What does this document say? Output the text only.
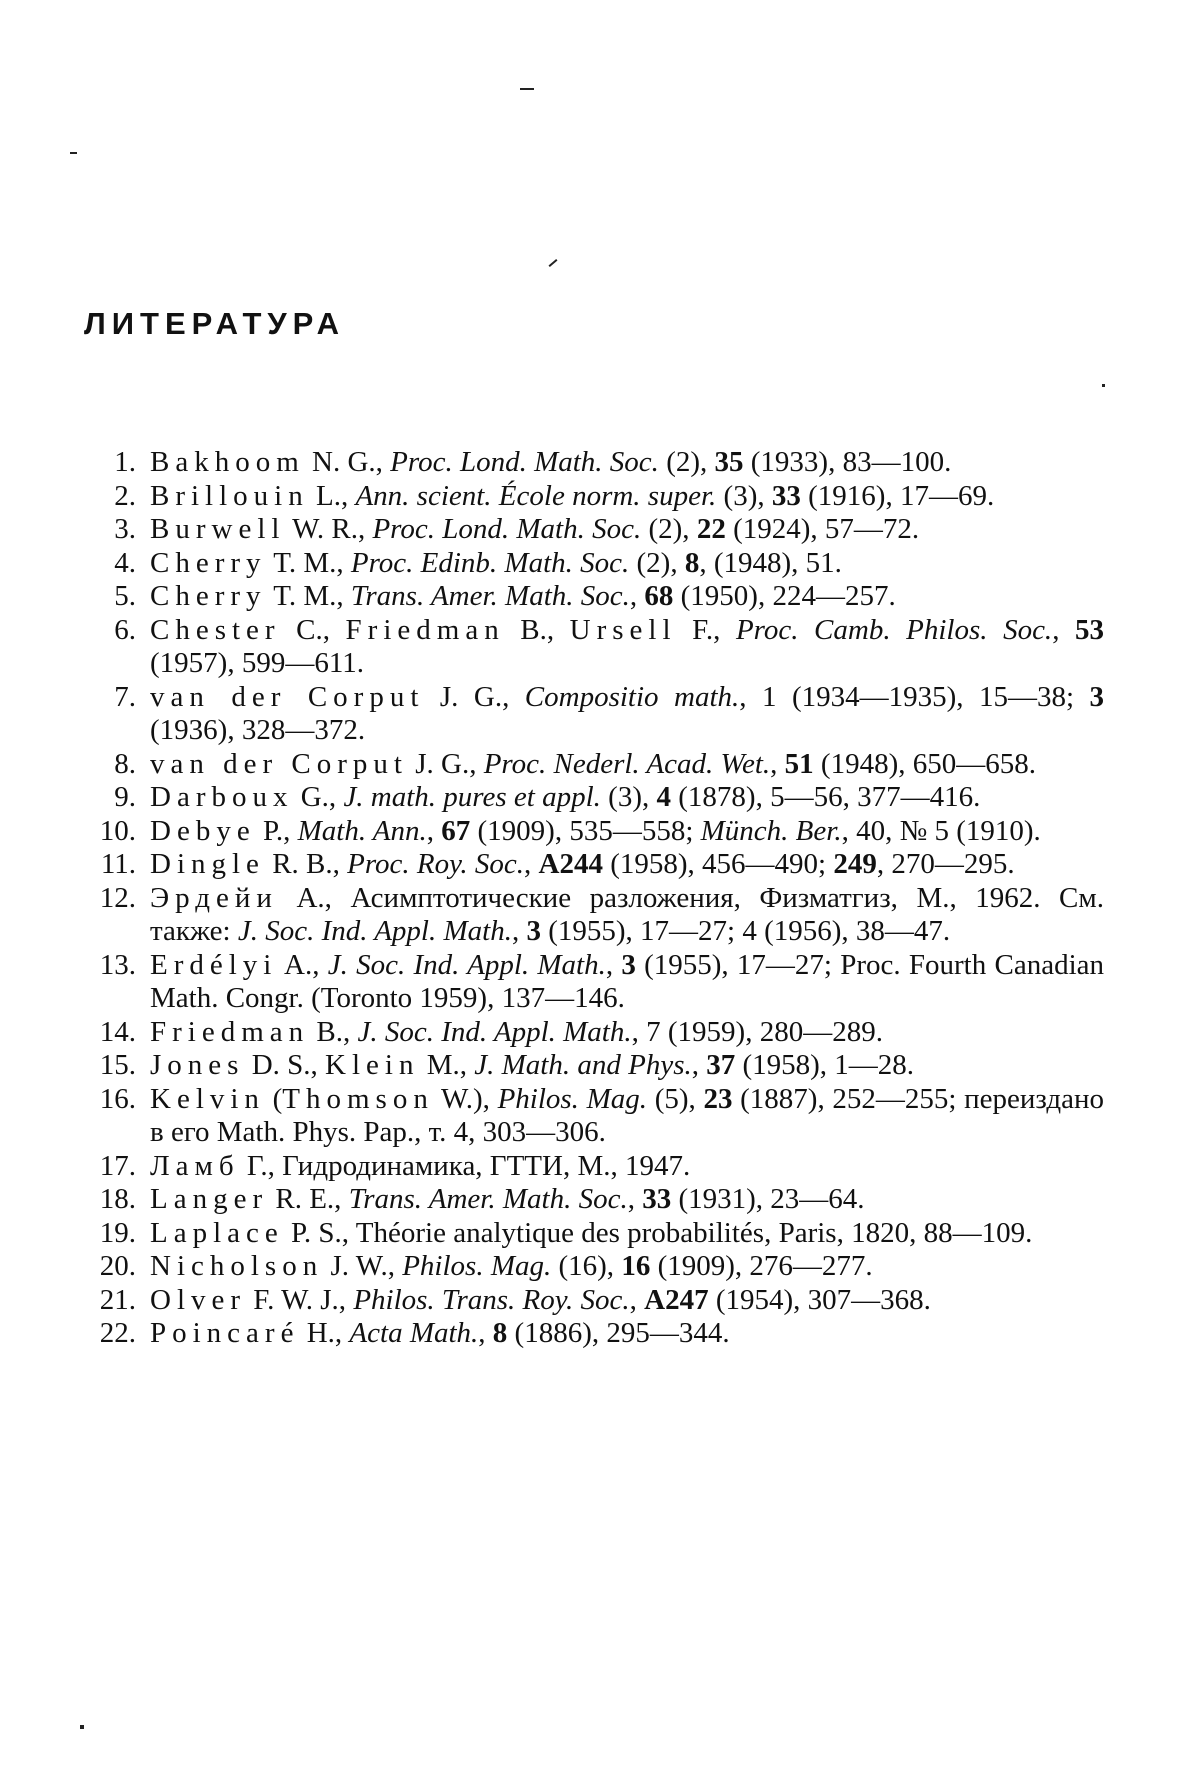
ЛИТЕРАТУРА
1. Bakhoom N. G., Proc. Lond. Math. Soc. (2), 35 (1933), 83—100.
2. Brillouin L., Ann. scient. École norm. super. (3), 33 (1916), 17—69.
3. Burwell W. R., Proc. Lond. Math. Soc. (2), 22 (1924), 57—72.
4. Cherry T. M., Proc. Edinb. Math. Soc. (2), 8, (1948), 51.
5. Cherry T. M., Trans. Amer. Math. Soc., 68 (1950), 224—257.
6. Chester C., Friedman B., Ursell F., Proc. Camb. Philos. Soc., 53 (1957), 599—611.
7. van der Corput J. G., Compositio math., 1 (1934—1935), 15—38; 3 (1936), 328—372.
8. van der Corput J. G., Proc. Nederl. Acad. Wet., 51 (1948), 650—658.
9. Darboux G., J. math. pures et appl. (3), 4 (1878), 5—56, 377—416.
10. Debye P., Math. Ann., 67 (1909), 535—558; Münch. Ber., 40, № 5 (1910).
11. Dingle R. B., Proc. Roy. Soc., A244 (1958), 456—490; 249, 270—295.
12. Эрдейи А., Асимптотические разложения, Физматгиз, М., 1962. См. также: J. Soc. Ind. Appl. Math., 3 (1955), 17—27; 4 (1956), 38—47.
13. Erdélyi A., J. Soc. Ind. Appl. Math., 3 (1955), 17—27; Proc. Fourth Canadian Math. Congr. (Toronto 1959), 137—146.
14. Friedman B., J. Soc. Ind. Appl. Math., 7 (1959), 280—289.
15. Jones D. S., Klein M., J. Math. and Phys., 37 (1958), 1—28.
16. Kelvin (Thomson W.), Philos. Mag. (5), 23 (1887), 252—255; переиздано в его Math. Phys. Pap., т. 4, 303—306.
17. Ламб Г., Гидродинамика, ГТТИ, М., 1947.
18. Langer R. E., Trans. Amer. Math. Soc., 33 (1931), 23—64.
19. Laplace P. S., Théorie analytique des probabilités, Paris, 1820, 88—109.
20. Nicholson J. W., Philos. Mag. (16), 16 (1909), 276—277.
21. Olver F. W. J., Philos. Trans. Roy. Soc., A247 (1954), 307—368.
22. Poincaré H., Acta Math., 8 (1886), 295—344.
